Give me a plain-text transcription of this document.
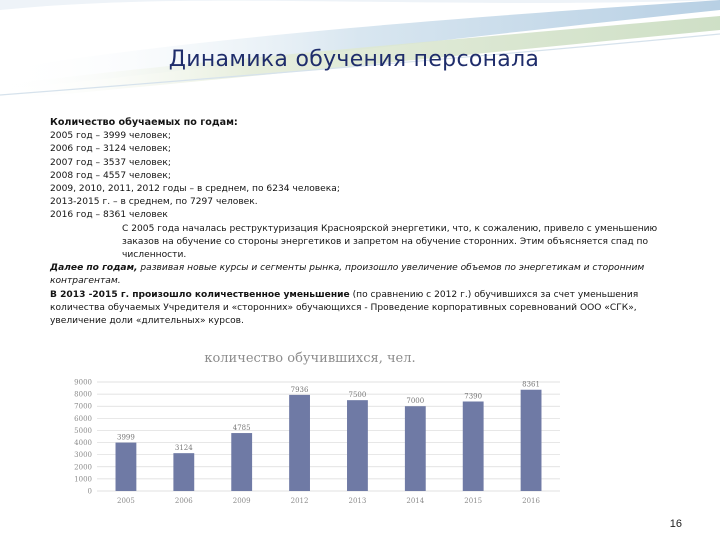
Динамика обучения персонала
Количество обучаемых по годам:
2005 год – 3999 человек;
2006 год – 3124 человек;
2007 год – 3537 человек;
2008 год – 4557 человек;
2009, 2010, 2011, 2012 годы – в среднем, по 6234 человека;
2013-2015 г. – в среднем, по 7297 человек.
2016 год – 8361 человек
С 2005 года началась реструктуризация Красноярской энергетики, что, к сожалению, привело с уменьшению заказов на обучение со стороны энергетиков и запретом на обучение сторонних. Этим объясняется спад по численности.
Далее по годам, развивая новые курсы и сегменты рынка, произошло увеличение объемов по энергетикам и сторонним контрагентам.
В 2013 -2015 г. произошло количественное уменьшение (по сравнению с 2012 г.) обучившихся за счет уменьшения количества обучаемых Учредителя и «сторонних» обучающихся - Проведение корпоративных соревнований ООО «СГК», увеличение доли «длительных» курсов.
количество обучившихся, чел.
0
1000
2000
3000
4000
5000
6000
7000
8000
9000
3999
2005
3124
2006
4785
2009
7936
2012
7500
2013
7000
2014
7390
2015
8361
2016
16
